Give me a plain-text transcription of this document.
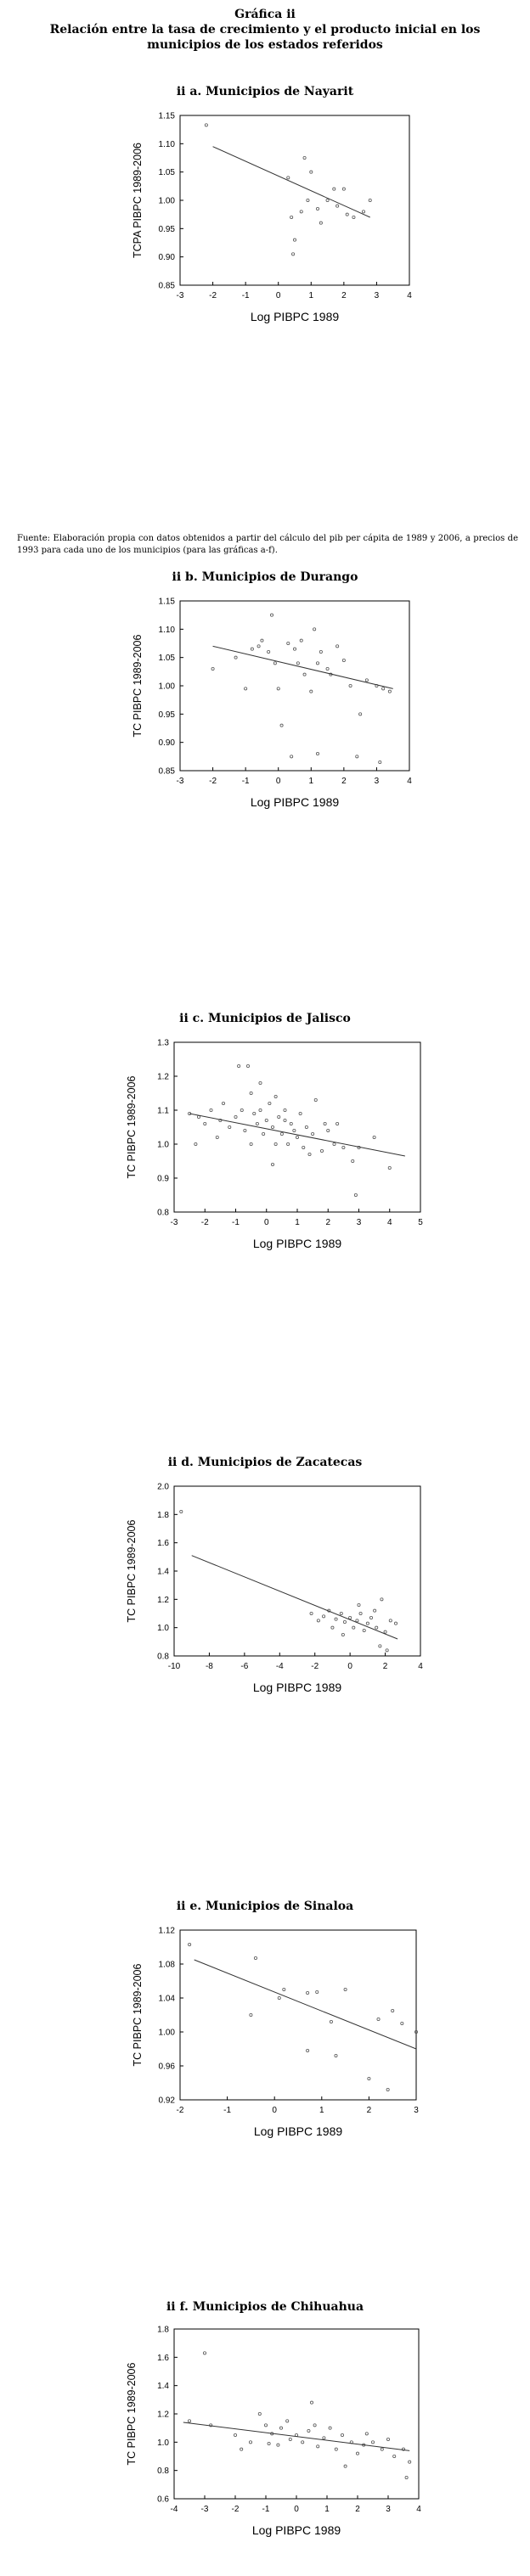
Gráfica ii
Relación entre la tasa de crecimiento y el producto inicial en los municipios de los estados referidos
ii a. Municipios de Nayarit
-3	-2	-1	0	1	2	3	4
0.85
0.90
0.95
1.00
1.05
1.10
1.15
TCPA PIBPC 1989-2006
Log PIBPC 1989
Fuente: Elaboración propia con datos obtenidos a partir del cálculo del pib per cápita de 1989 y 2006, a precios de 1993 para cada uno de los municipios (para las gráficas a-f).
ii b. Municipios de Durango
-3	-2	-1	0	1	2	3	4
0.85
0.90
0.95
1.00
1.05
1.10
1.15
TC PIBPC 1989-2006
Log PIBPC 1989
ii c. Municipios de Jalisco
-3	-2	-1	0	1	2	3	4	5
0.8
0.9
1.0
1.1
1.2
1.3
TC PIBPC 1989-2006
Log PIBPC 1989
ii d. Municipios de Zacatecas
-10	-8	-6	-4	-2	0	2	4
0.8
1.0
1.2
1.4
1.6
1.8
2.0
TC PIBPC 1989-2006
Log PIBPC 1989
ii e. Municipios de Sinaloa
-2	-1	0	1	2	3
0.92
0.96
1.00
1.04
1.08
1.12
TC PIBPC 1989-2006
Log PIBPC 1989
ii f. Municipios de Chihuahua
-4	-3	-2	-1	0	1	2	3	4
0.6
0.8
1.0
1.2
1.4
1.6
1.8
TC PIBPC 1989-2006
Log PIBPC 1989
